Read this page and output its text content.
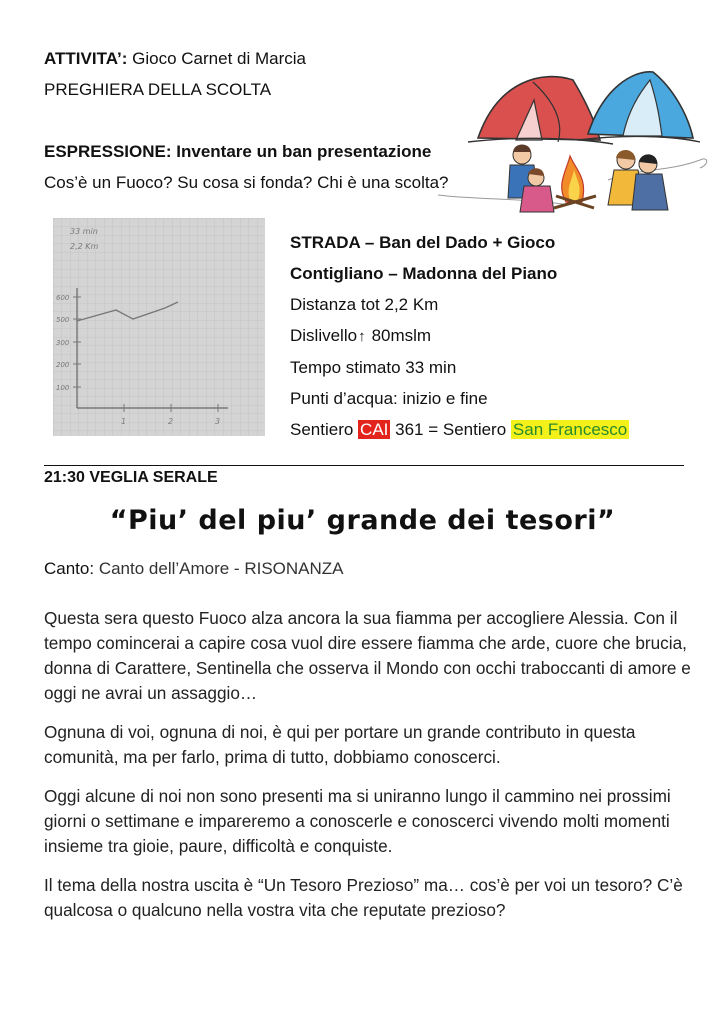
ATTIVITA’: Gioco Carnet di Marcia
PREGHIERA DELLA SCOLTA
ESPRESSIONE: Inventare un ban presentazione
Cos’è un Fuoco? Su cosa si fonda? Chi è una scolta?
33 min
2,2 Km
600
500
300
200
100
1	2	3
STRADA – Ban del Dado + Gioco
Contigliano – Madonna del Piano
Distanza tot 2,2 Km
Dislivello↑ 80mslm
Tempo stimato 33 min
Punti d’acqua: inizio e fine
Sentiero CAI 361 = Sentiero San Francesco
21:30 VEGLIA SERALE
“Piu’ del piu’ grande dei tesori”
Canto: Canto dell’Amore - RISONANZA

Questa sera questo Fuoco alza ancora la sua fiamma per accogliere Alessia. Con il tempo comincerai a capire cosa vuol dire essere fiamma che arde, cuore che brucia, donna di Carattere, Sentinella che osserva il Mondo con occhi traboccanti di amore e oggi ne avrai un assaggio…

Ognuna di voi, ognuna di noi, è qui per portare un grande contributo in questa comunità, ma per farlo, prima di tutto, dobbiamo conoscerci.

Oggi alcune di noi non sono presenti ma si uniranno lungo il cammino nei prossimi giorni o settimane e impareremo a conoscerle e conoscerci vivendo molti momenti insieme tra gioie, paure, difficoltà e conquiste.

Il tema della nostra uscita è “Un Tesoro Prezioso” ma… cos’è per voi un tesoro? C’è qualcosa o qualcuno nella vostra vita che reputate prezioso?
